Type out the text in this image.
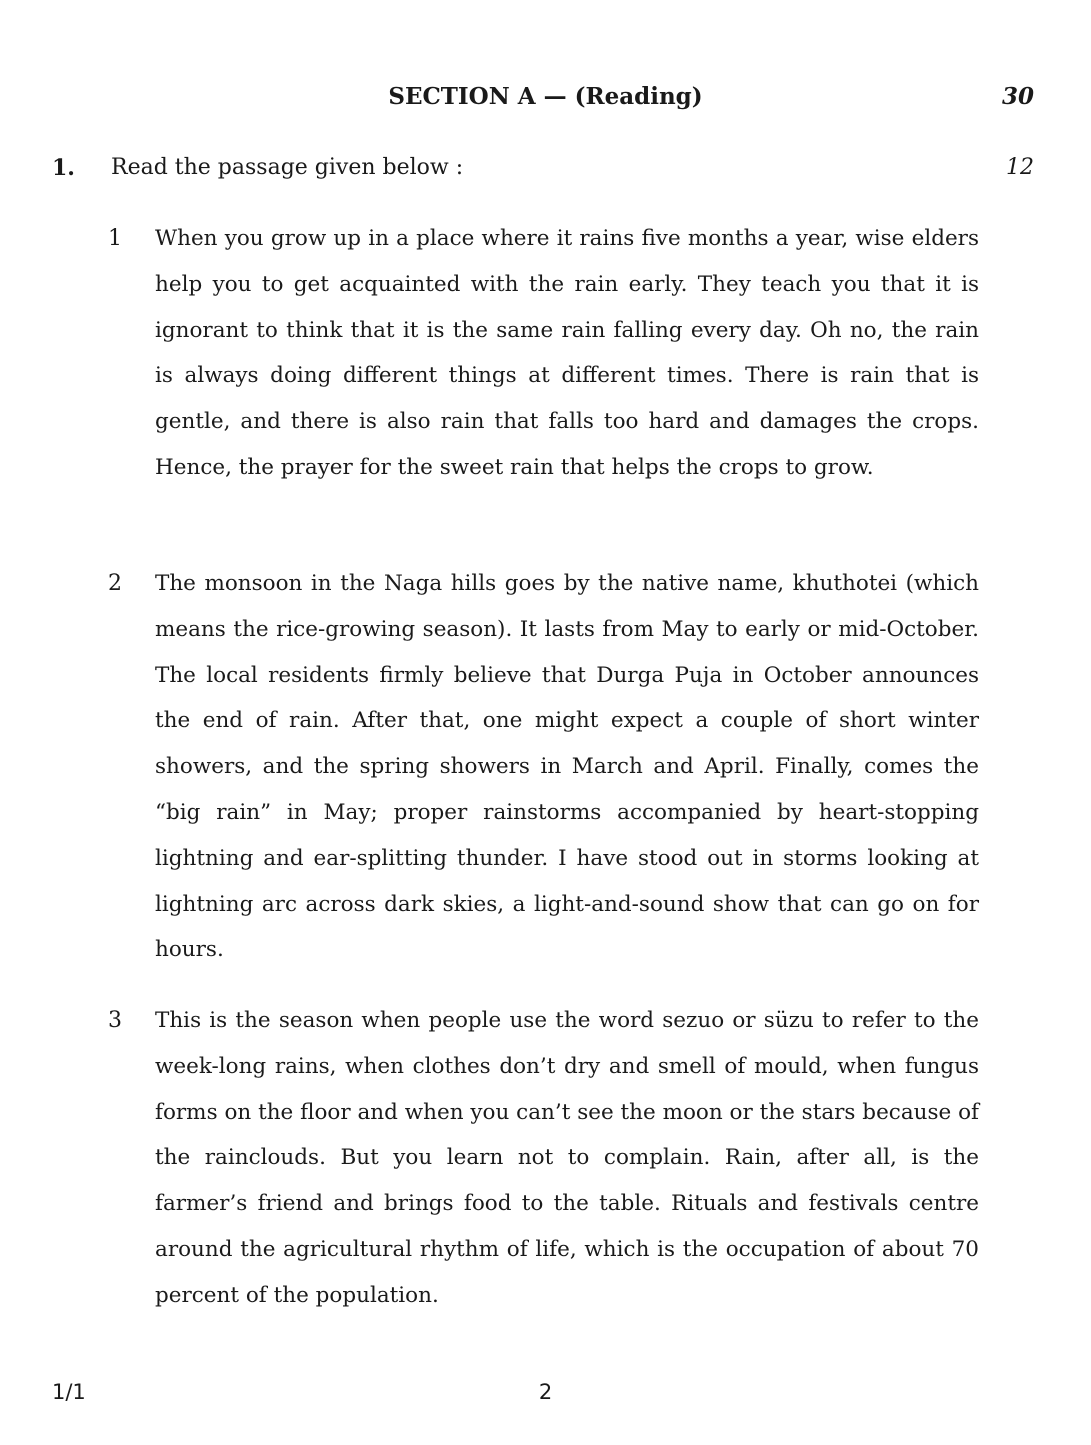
SECTION A — (Reading)	30
1. Read the passage given below :	12
1 When you grow up in a place where it rains five months a year, wise elders help you to get acquainted with the rain early. They teach you that it is ignorant to think that it is the same rain falling every day. Oh no, the rain is always doing different things at different times. There is rain that is gentle, and there is also rain that falls too hard and damages the crops. Hence, the prayer for the sweet rain that helps the crops to grow.

2 The monsoon in the Naga hills goes by the native name, khuthotei (which means the rice-growing season). It lasts from May to early or mid-October. The local residents firmly believe that Durga Puja in October announces the end of rain. After that, one might expect a couple of short winter showers, and the spring showers in March and April. Finally, comes the “big rain” in May; proper rainstorms accompanied by heart-stopping lightning and ear-splitting thunder. I have stood out in storms looking at lightning arc across dark skies, a light-and-sound show that can go on for hours.

3 This is the season when people use the word sezuo or süzu to refer to the week-long rains, when clothes don’t dry and smell of mould, when fungus forms on the floor and when you can’t see the moon or the stars because of the rainclouds. But you learn not to complain. Rain, after all, is the farmer’s friend and brings food to the table. Rituals and festivals centre around the agricultural rhythm of life, which is the occupation of about 70 percent of the population.

1/1	2
